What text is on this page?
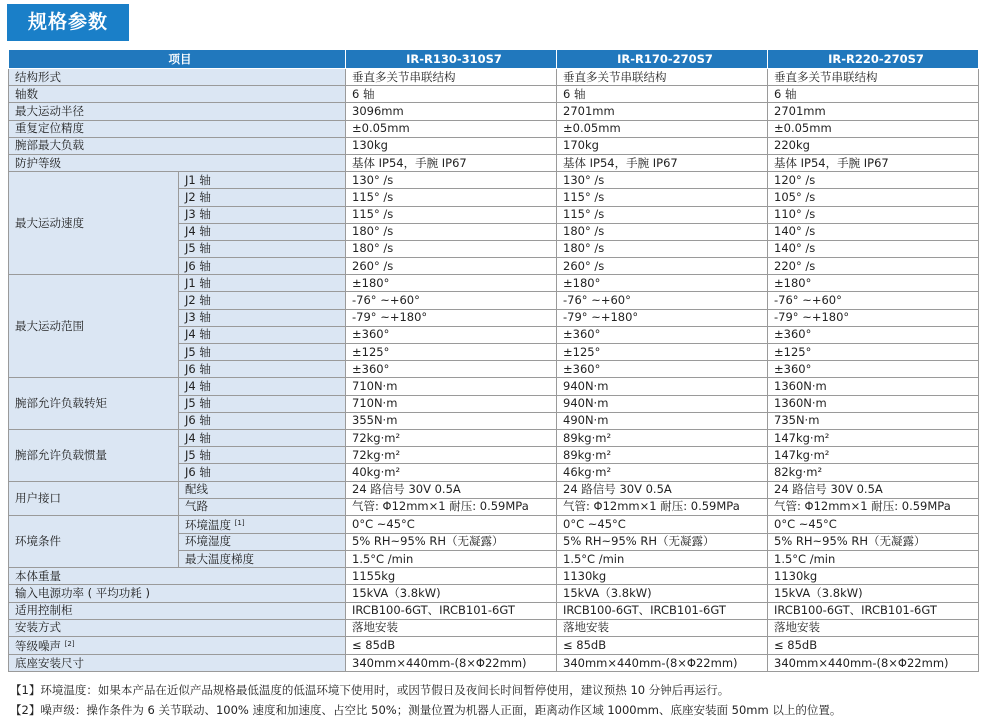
规格参数
项目		IR-R130-310S7	IR-R170-270S7	IR-R220-270S7
结构形式		垂直多关节串联结构	垂直多关节串联结构	垂直多关节串联结构
轴数		6 轴	6 轴	6 轴
最大运动半径		3096mm	2701mm	2701mm
重复定位精度		±0.05mm	±0.05mm	±0.05mm
腕部最大负载		130kg	170kg	220kg
防护等级		基体 IP54，手腕 IP67	基体 IP54，手腕 IP67	基体 IP54，手腕 IP67
最大运动速度	J1 轴	130° /s	130° /s	120° /s
	J2 轴	115° /s	115° /s	105° /s
	J3 轴	115° /s	115° /s	110° /s
	J4 轴	180° /s	180° /s	140° /s
	J5 轴	180° /s	180° /s	140° /s
	J6 轴	260° /s	260° /s	220° /s
最大运动范围	J1 轴	±180°	±180°	±180°
	J2 轴	-76° ~+60°	-76° ~+60°	-76° ~+60°
	J3 轴	-79° ~+180°	-79° ~+180°	-79° ~+180°
	J4 轴	±360°	±360°	±360°
	J5 轴	±125°	±125°	±125°
	J6 轴	±360°	±360°	±360°
腕部允许负载转矩	J4 轴	710N·m	940N·m	1360N·m
	J5 轴	710N·m	940N·m	1360N·m
	J6 轴	355N·m	490N·m	735N·m
腕部允许负载惯量	J4 轴	72kg·m²	89kg·m²	147kg·m²
	J5 轴	72kg·m²	89kg·m²	147kg·m²
	J6 轴	40kg·m²	46kg·m²	82kg·m²
用户接口	配线	24 路信号 30V 0.5A	24 路信号 30V 0.5A	24 路信号 30V 0.5A
	气路	气管: Φ12mm×1 耐压: 0.59MPa	气管: Φ12mm×1 耐压: 0.59MPa	气管: Φ12mm×1 耐压: 0.59MPa
环境条件	环境温度 [1]	0°C ~45°C	0°C ~45°C	0°C ~45°C
	环境湿度	5% RH~95% RH（无凝露）	5% RH~95% RH（无凝露）	5% RH~95% RH（无凝露）
	最大温度梯度	1.5°C /min	1.5°C /min	1.5°C /min
本体重量		1155kg	1130kg	1130kg
输入电源功率 ( 平均功耗 )		15kVA（3.8kW)	15kVA（3.8kW)	15kVA（3.8kW)
适用控制柜		IRCB100-6GT、IRCB101-6GT	IRCB100-6GT、IRCB101-6GT	IRCB100-6GT、IRCB101-6GT
安装方式		落地安装	落地安装	落地安装
等级噪声 [2]		≤ 85dB	≤ 85dB	≤ 85dB
底座安装尺寸		340mm×440mm-(8×Φ22mm)	340mm×440mm-(8×Φ22mm)	340mm×440mm-(8×Φ22mm)
【1】环境温度：如果本产品在近似产品规格最低温度的低温环境下使用时，或因节假日及夜间长时间暂停使用，建议预热 10 分钟后再运行。
【2】噪声级：操作条件为 6 关节联动、100% 速度和加速度、占空比 50%；测量位置为机器人正面，距离动作区域 1000mm、底座安装面 50mm 以上的位置。
